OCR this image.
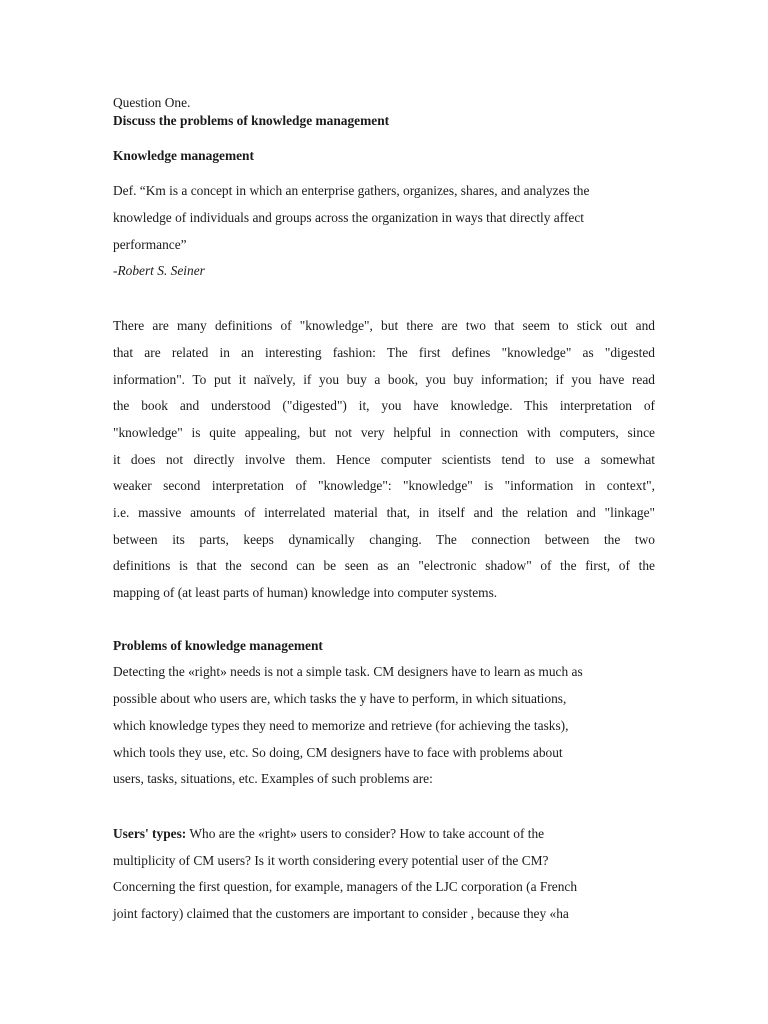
Question One.
Discuss the problems of knowledge management
Knowledge management
Def. “Km is a concept in which an enterprise gathers, organizes, shares, and analyzes the
knowledge of individuals and groups across the organization in ways that directly affect
performance”
-Robert S. Seiner
There are many definitions of "knowledge", but there are two that seem to stick out and
that are related in an interesting fashion: The first defines "knowledge" as "digested
information". To put it naïvely, if you buy a book, you buy information; if you have read
the book and understood ("digested") it, you have knowledge. This interpretation of
"knowledge" is quite appealing, but not very helpful in connection with computers, since
it does not directly involve them. Hence computer scientists tend to use a somewhat
weaker second interpretation of "knowledge": "knowledge" is "information in context",
i.e. massive amounts of interrelated material that, in itself and the relation and "linkage"
between its parts, keeps dynamically changing. The connection between the two
definitions is that the second can be seen as an "electronic shadow" of the first, of the
mapping of (at least parts of human) knowledge into computer systems.
Problems of knowledge management
Detecting the «right» needs is not a simple task. CM designers have to learn as much as
possible about who users are, which tasks the y have to perform, in which situations,
which knowledge types they need to memorize and retrieve (for achieving the tasks),
which tools they use, etc. So doing, CM designers have to face with problems about
users, tasks, situations, etc. Examples of such problems are:
Users' types: Who are the «right» users to consider? How to take account of the
multiplicity of CM users? Is it worth considering every potential user of the CM?
Concerning the first question, for example, managers of the LJC corporation (a French
joint factory) claimed that the customers are important to consider , because they «ha
